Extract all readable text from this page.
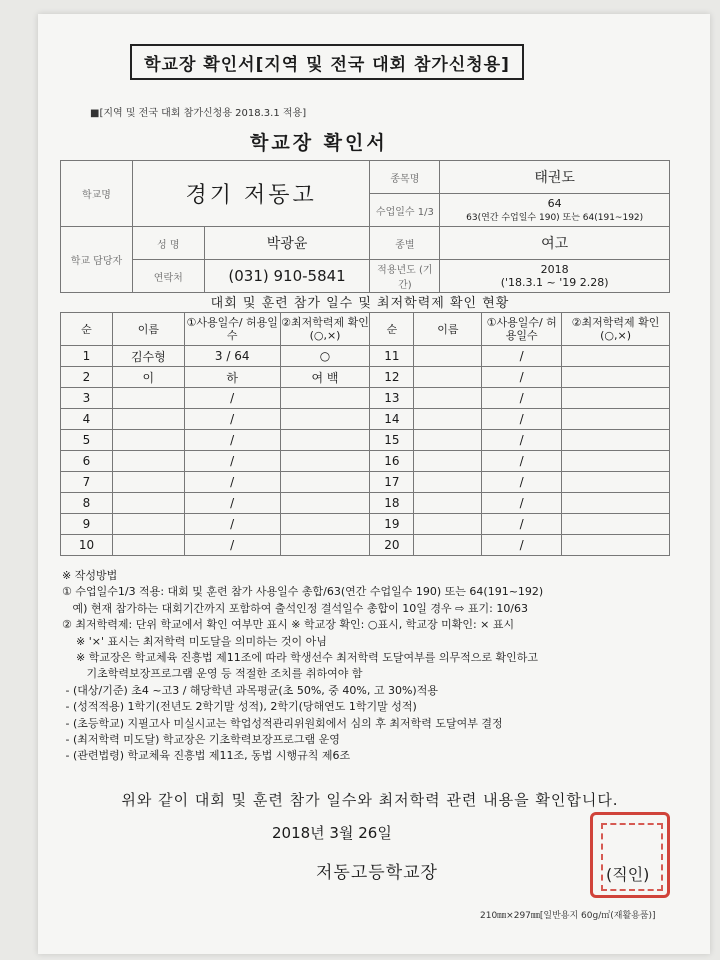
학교장 확인서[지역 및 전국 대회 참가신청용]
■[지역 및 전국 대회 참가신청용 2018.3.1 적용]
학교장 확인서
학교명	경기 저동고		종목명	태권도
			수업일수 1/3	64
63(연간 수업일수 190) 또는 64(191~192)

학교 담당자	성 명	박광윤	종별	여고
	연락처	(031) 910-5841	적용년도 (기간)	2018
('18.3.1 ~ '19 2.28)
대회 및 훈련 참가 일수 및 최저학력제 확인 현황
순	이름	①사용일수/ 허용일수	②최저학력제 확인(○,×)	순	이름	①사용일수/ 허용일수	②최저학력제 확인(○,×)
1	김수형	3 / 64	○	11		/	
2	이	하	여 백	12		/	
3		/		13		/	
4		/		14		/	
5		/		15		/	
6		/		16		/	
7		/		17		/	
8		/		18		/	
9		/		19		/	
10		/		20		/	
※ 작성방법
① 수업일수1/3 적용: 대회 및 훈련 참가 사용일수 총합/63(연간 수업일수 190) 또는 64(191~192)
예) 현재 참가하는 대회기간까지 포함하여 출석인정 결석일수 총합이 10일 경우 ⇨ 표기: 10/63
② 최저학력제: 단위 학교에서 확인 여부만 표시 ※ 학교장 확인: ○표시, 학교장 미확인: × 표시
※ '×' 표시는 최저학력 미도달을 의미하는 것이 아님
※ 학교장은 학교체육 진흥법 제11조에 따라 학생선수 최저학력 도달여부를 의무적으로 확인하고
기초학력보장프로그램 운영 등 적절한 조치를 취하여야 함
- (대상/기준) 초4 ~고3 / 해당학년 과목평균(초 50%, 중 40%, 고 30%)적용
- (성적적용) 1학기(전년도 2학기말 성적), 2학기(당해연도 1학기말 성적)
- (초등학교) 지필고사 미실시교는 학업성적관리위원회에서 심의 후 최저학력 도달여부 결정
- (최저학력 미도달) 학교장은 기초학력보장프로그램 운영
- (관련법령) 학교체육 진흥법 제11조, 동법 시행규칙 제6조
위와 같이 대회 및 훈련 참가 일수와 최저학력 관련 내용을 확인합니다.
2018년 3월 26일
저동고등학교장	(직인)
210㎜×297㎜[일반용지 60g/㎡(재활용품)]
